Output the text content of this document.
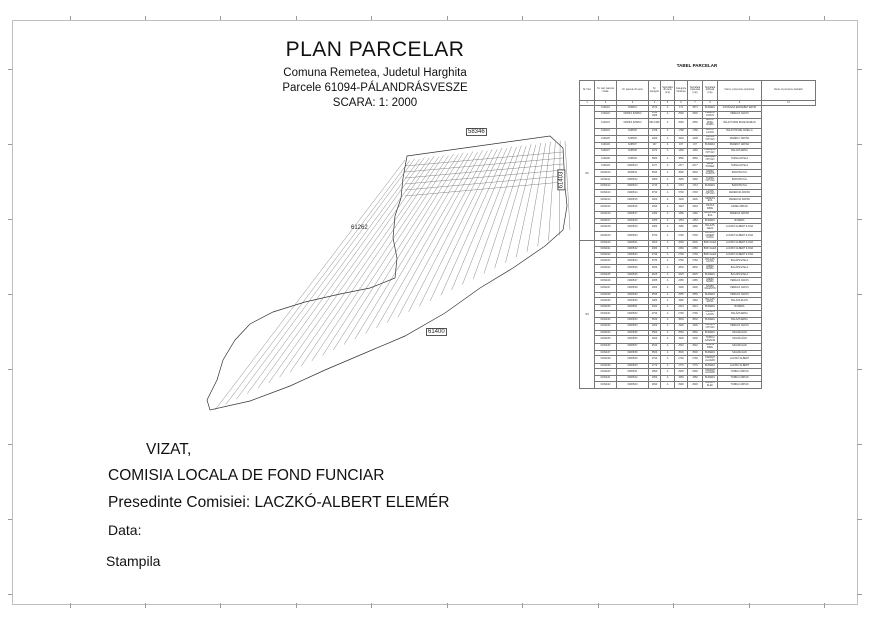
PLAN PARCELAR
Comuna Remetea, Judetul Harghita
Parcele 61094-PÁLANDRÁSVESZE
SCARA: 1: 2000
58346
61403
61262
61400
VIZAT,
COMISIA LOCALA DE FOND FUNCIAR
Presedinte Comisiei: LACZKÓ-ALBERT ELEMÉR
Data:
Stampila
TABEL PARCELAR
Nr. bloc	Nr. cad. parcela finala	Nr. parcele din acte	Nr. topograf.	Suprafata din acte (mp)	Categorie folosinta	Suprafata masurata (mp)	Suprafata atribuita (mp)	Nume si prenume proprietar	Nume si prenume detinator
1	2	3	4	5	6	7	8	9	10
63	61094/1	60086/1	1573	A	172	1573	BUDERA	FOSZLESZ ERZSÉBET ERVIN	
	61094/2	62965/1 62965/2	2590 1986	A	2590	2590	PERECZ JANOS	PERECZ JANOS	
	61094/3	62965/3 62965/4	880 1986	A	2566	2566	BÁLINT MIKE MARIA	BÁLINT MIKE BUDE MARIAN	
	61094/4	62965/5	1788	A	1788	1788	BÁLINT LAJOS	BÁLINT BUDE GIZELLA	
	61094/5	62965/6	1900	A	1900	1900	CSÓKA ISTVÁN	PERÉNYI ÁRPÁD	
	61094/6	62965/7	167	A	167	167	BUDERA	PERÉNYI ÁRPÁD	
	61094/7	62965/8	1072	A	1480	1480	CSERMÁK ISTVÁN	BALAZS ERNA	
	61094/8	62965/9	3880	A	3880	3880	BENEDEK ISTVÁN	TARSLA ETELA	
	61094/9	62965/10	2377	A	2377	2377	BENE JÓZSEF	TARSLA ETELA	
	61094/10	62965/11	3590	A	3590	3590	ERDEI VILMOS	BAROSS PÁL	
	61094/11	62965/12	1980	A	1980	1980	TAMÁS ISTVÁN	BAROSS PÁL	
	61094/12	62965/13	1743	A	1743	1743	BUDERA	BAROSS PÁL	
	61094/13	62965/14	3790	A	3790	3790	LAJOS ISTVÁN	FERENCZI ÁRPÁD	
	61094/14	62965/15	1900	A	1900	1900	SERESS EVA	PERENCZI ÁRPÁD	
	61094/15	62965/16	1993	A	1993	1993	CSÓKA IMRE	ERDEI ÁRPÁD	
	61094/16	62965/17	1380	A	1380	1380	ÁBRAHÁM ÉVA	PERECZI ÁRPÁD	
	61094/17	62965/18	1353	A	1353	1353	BUDERA	BUDERA	
	61094/18	62965/19	1980	A	1980	1980	BALÁZS GÉZA	LACZKÓ ALBERT ILONA	
	61094/19	62965/20	3790	A	3790	3790	LACZKÓ ALBERT ILONA	LACZKÓ ALBERT ILONA	
64	61094/20	62965/21	2600	A	2600	2600	BIRÓ ELEK	LACZKÓ ALBERT ILONA	
	61094/21	62965/22	2380	A	2380	2380	BIRÓ ELEK	LACZKÓ ALBERT ILONA	
	61094/22	62965/23	2799	A	2799	2799	BIRÓ ELEK	LACZKÓ ALBERT ILONA	
	61094/23	62965/24	3780	A	3780	3780	BALÁZS LAJOS	BALÁZS ETELA	
	61094/24	62965/25	2830	A	2830	2830	ERDEI MÁRIA	BALÁZS ETELA	
	61094/25	62965/26	2625	A	2625	2625	BUDERA	BALÁZS ETELA	
	61094/26	62965/27	2385	A	2385	2385	ERDEI MÁRIA	PERECZ JANOS	
	61094/27	62965/28	1900	A	1900	1900	SZABÓ VALENTIN	PERECZ JANOS	
	61094/28	62965/29	2555	A	2555	2555	BUDERA	PERECZ JANOS	
	61094/29	62965/30	1980	A	1980	1980	BALÁZS ERNA	BALÁZS ELVIN	
	61094/30	62965/31	2324	A	2324	2324	BUDERA	BUDERA	
	61094/31	62965/32	2790	A	2790	2790	BALÁZS LAJOS	BALÁZS ERNA	
	61094/32	62965/33	3530	A	3530	3530	BUDERA	BALÁZS ERNA	
	61094/33	62965/34	1900	A	1900	1900	BALÁZS ISTVÁN	PERECZ JÁNOS	
	61094/34	62965/35	2560	A	2560	2560	BUDERA	SZALMA ÉVA	
	61094/35	62965/36	1900	A	1900	1900	TORDAI SÁNDOR	SZALMA ÉVA	
	61094/36	62965/37	2540	A	2540	2540	SZALAI IMRE	SZALMA ÉVA	
	61094/37	62965/38	3500	A	3500	3500	BUDERA	SZALMA ÉVA	
	61094/38	62965/39	2790	A	2790	2790	CSÉKETI ALADÁR	LACZKÓ ALBERT	
	61094/39	62965/40	1770	A	1770	1770	BUDERA	LACZKÓ ALBERT	
	61094/40	62965/41	2990	A	2990	2990	CSÉKETI ALADÁR	TORDAI ÁRPÁD	
	61094/41	62965/42	1950	A	1950	1950	BUDERA	TORDAI ÁRPÁD	
	61094/42	62965/43	2990	A	2990	2990	BALÁZS ELEK	TORDAI ÁRPÁD	
